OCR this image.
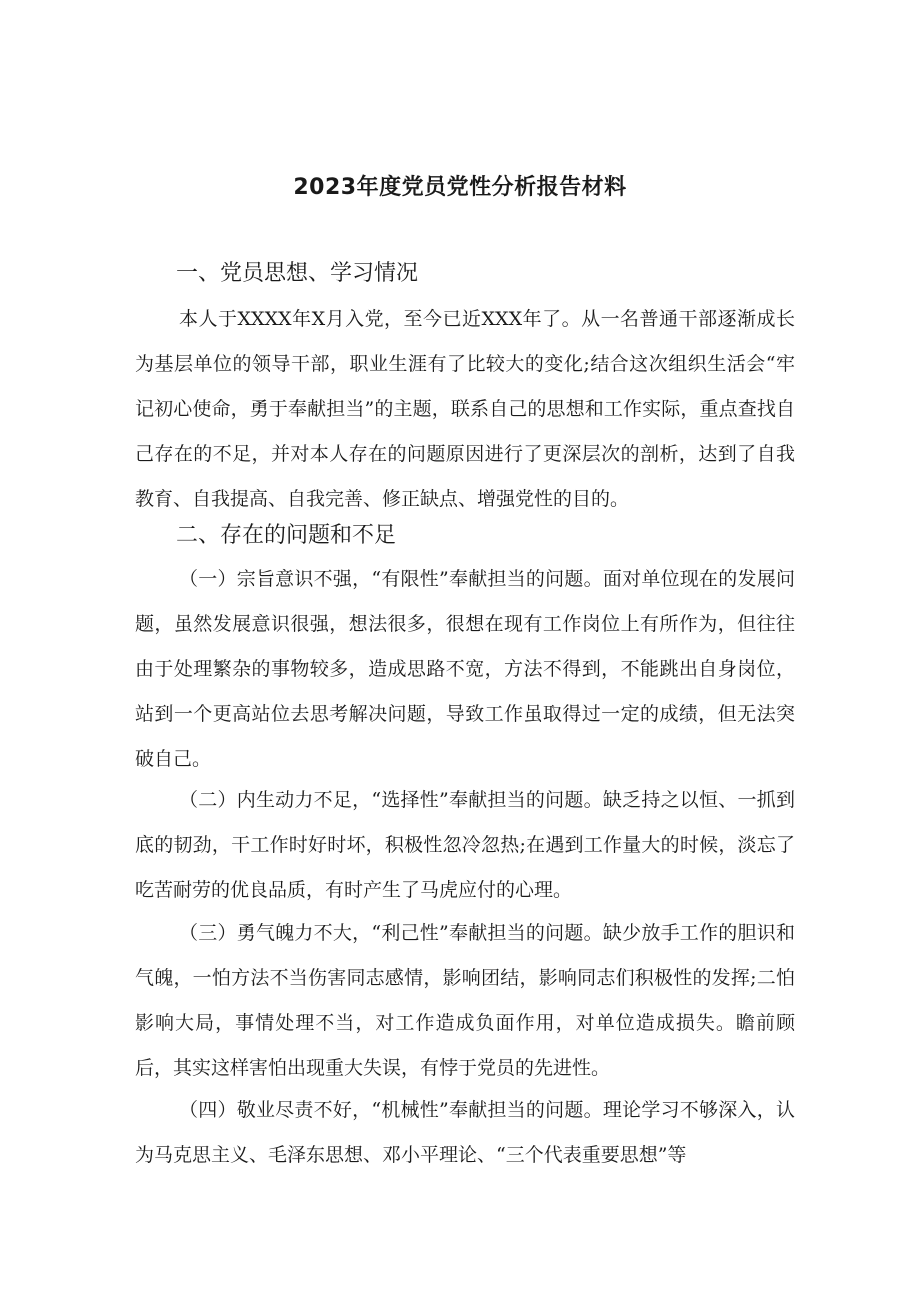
2023年度党员党性分析报告材料
一、党员思想、学习情况

本人于XXXX年X月入党，至今已近XXX年了。从一名普通干部逐渐成长为基层单位的领导干部，职业生涯有了比较大的变化;结合这次组织生活会“牢记初心使命，勇于奉献担当”的主题，联系自己的思想和工作实际，重点查找自己存在的不足，并对本人存在的问题原因进行了更深层次的剖析，达到了自我教育、自我提高、自我完善、修正缺点、增强党性的目的。

二、存在的问题和不足

（一）宗旨意识不强，“有限性”奉献担当的问题。面对单位现在的发展问题，虽然发展意识很强，想法很多，很想在现有工作岗位上有所作为，但往往由于处理繁杂的事物较多，造成思路不宽，方法不得到，不能跳出自身岗位，站到一个更高站位去思考解决问题，导致工作虽取得过一定的成绩，但无法突破自己。

（二）内生动力不足，“选择性”奉献担当的问题。缺乏持之以恒、一抓到底的韧劲，干工作时好时坏，积极性忽冷忽热;在遇到工作量大的时候，淡忘了吃苦耐劳的优良品质，有时产生了马虎应付的心理。

（三）勇气魄力不大，“利己性”奉献担当的问题。缺少放手工作的胆识和气魄，一怕方法不当伤害同志感情，影响团结，影响同志们积极性的发挥;二怕影响大局，事情处理不当，对工作造成负面作用，对单位造成损失。瞻前顾后，其实这样害怕出现重大失误，有悖于党员的先进性。

（四）敬业尽责不好，“机械性”奉献担当的问题。理论学习不够深入，认为马克思主义、毛泽东思想、邓小平理论、“三个代表重要思想”等
